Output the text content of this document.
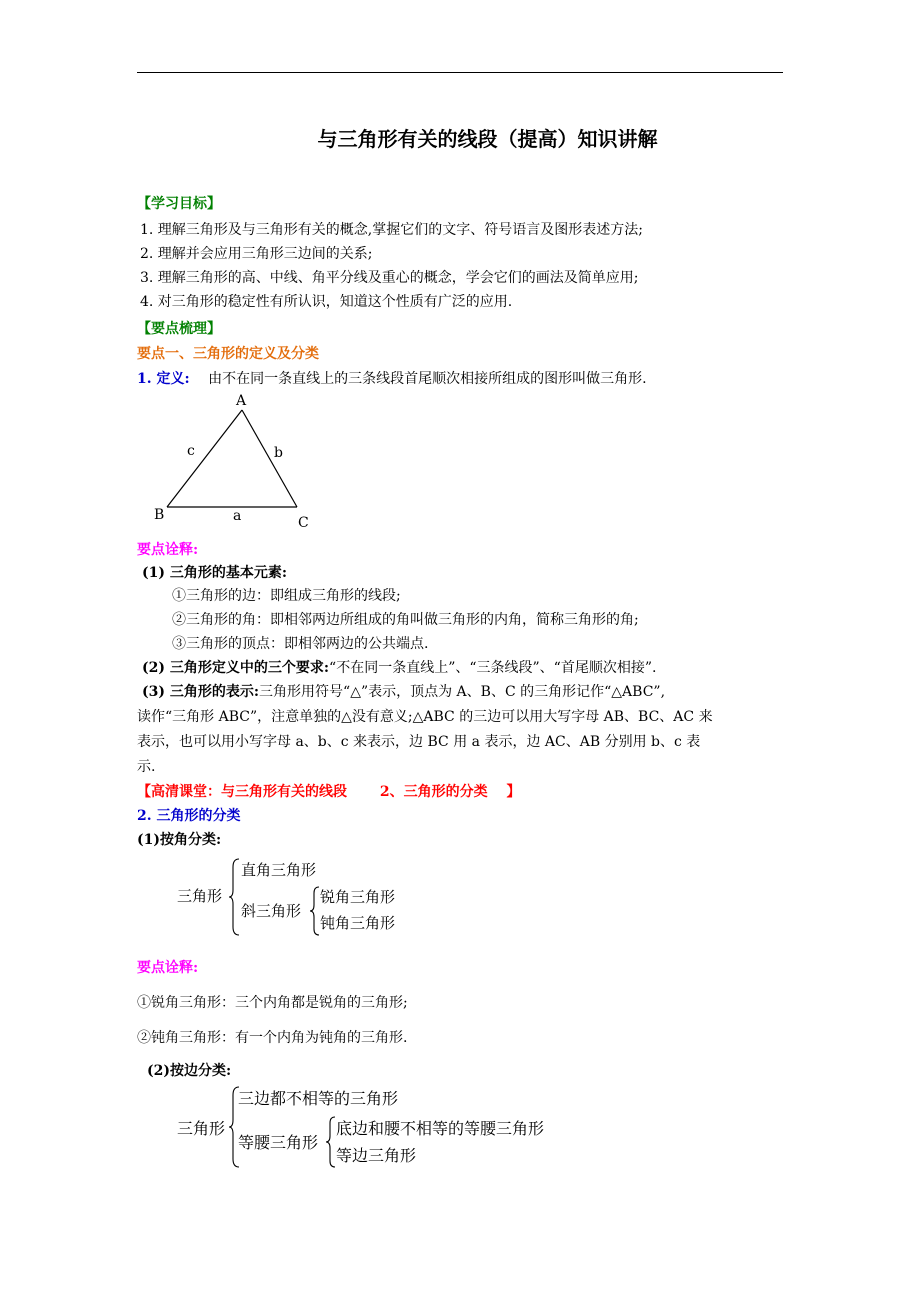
与三角形有关的线段（提高）知识讲解
【学习目标】
1. 理解三角形及与三角形有关的概念,掌握它们的文字、符号语言及图形表述方法;
2. 理解并会应用三角形三边间的关系;
3. 理解三角形的高、中线、角平分线及重心的概念，学会它们的画法及简单应用;
4. 对三角形的稳定性有所认识，知道这个性质有广泛的应用.
【要点梳理】
要点一、三角形的定义及分类
1. 定义: 由不在同一条直线上的三条线段首尾顺次相接所组成的图形叫做三角形.
A
B	C
a
b
c
要点诠释:
(1) 三角形的基本元素:
①三角形的边：即组成三角形的线段;
②三角形的角：即相邻两边所组成的角叫做三角形的内角，简称三角形的角;
③三角形的顶点：即相邻两边的公共端点.
(2) 三角形定义中的三个要求:“不在同一条直线上”、“三条线段”、“首尾顺次相接”.
(3) 三角形的表示:三角形用符号“△”表示，顶点为 A、B、C 的三角形记作“△ABC”,
读作“三角形 ABC”，注意单独的△没有意义;△ABC 的三边可以用大写字母 AB、BC、AC 来
表示，也可以用小写字母 a、b、c 来表示，边 BC 用 a 表示，边 AC、AB 分别用 b、c 表
示.
【高清课堂：与三角形有关的线段　　 2、三角形的分类　 】
2. 三角形的分类
(1)按角分类:
三角形
直角三角形
斜三角形
锐角三角形
钝角三角形
要点诠释:
①锐角三角形：三个内角都是锐角的三角形;
②钝角三角形：有一个内角为钝角的三角形.
(2)按边分类:
三角形
三边都不相等的三角形
等腰三角形
底边和腰不相等的等腰三角形
等边三角形
